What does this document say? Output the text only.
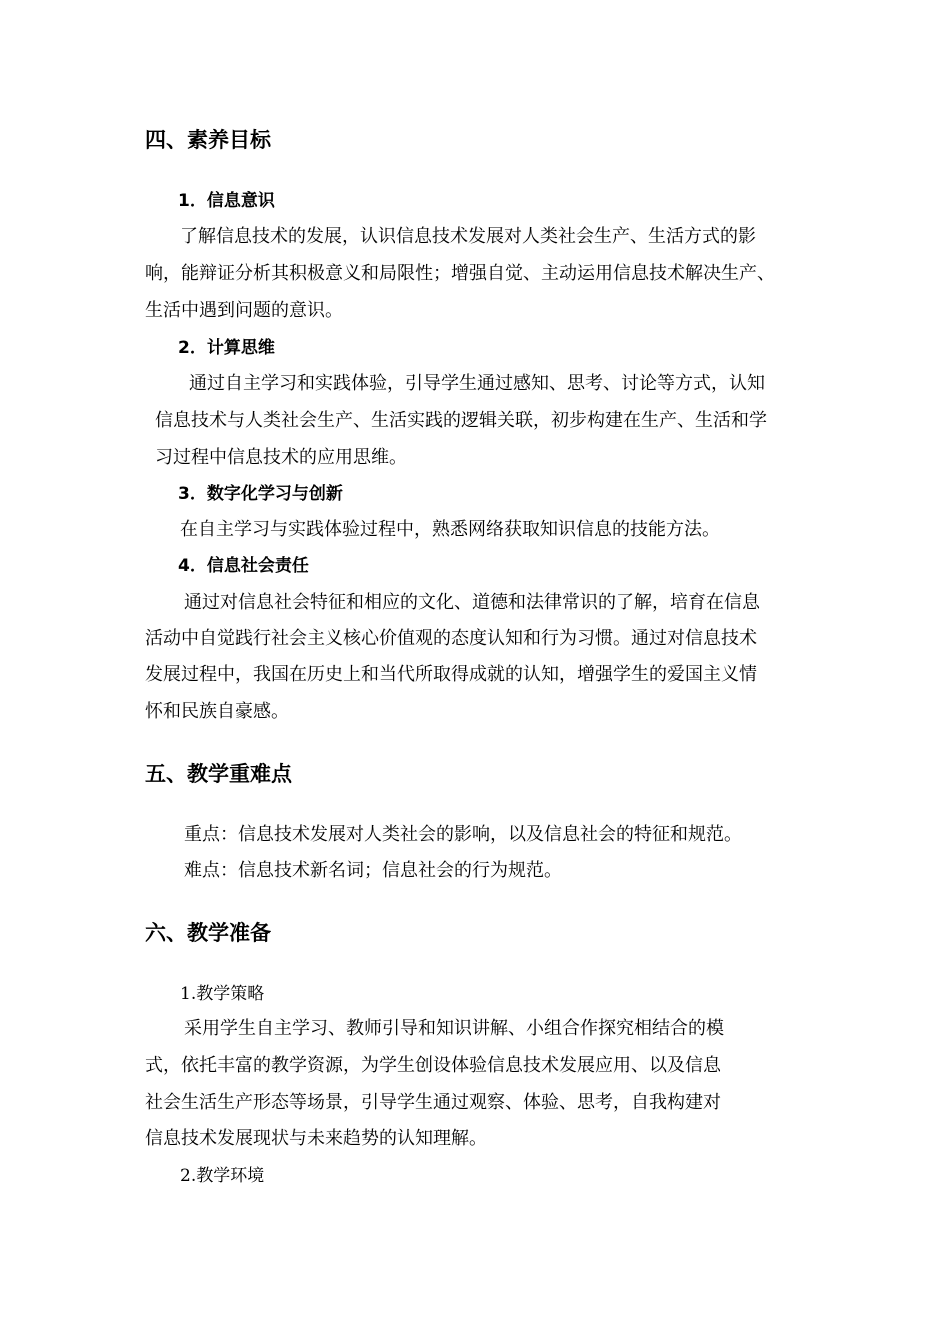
四、素养目标
1．信息意识
了解信息技术的发展，认识信息技术发展对人类社会生产、生活方式的影
响，能辩证分析其积极意义和局限性；增强自觉、主动运用信息技术解决生产、
生活中遇到问题的意识。
2．计算思维
通过自主学习和实践体验，引导学生通过感知、思考、讨论等方式，认知
信息技术与人类社会生产、生活实践的逻辑关联，初步构建在生产、生活和学
习过程中信息技术的应用思维。
3．数字化学习与创新
在自主学习与实践体验过程中，熟悉网络获取知识信息的技能方法。
4．信息社会责任
通过对信息社会特征和相应的文化、道德和法律常识的了解，培育在信息
活动中自觉践行社会主义核心价值观的态度认知和行为习惯。通过对信息技术
发展过程中，我国在历史上和当代所取得成就的认知，增强学生的爱国主义情
怀和民族自豪感。
五、教学重难点
重点：信息技术发展对人类社会的影响，以及信息社会的特征和规范。
难点：信息技术新名词；信息社会的行为规范。
六、教学准备
1.教学策略
采用学生自主学习、教师引导和知识讲解、小组合作探究相结合的模
式，依托丰富的教学资源，为学生创设体验信息技术发展应用、以及信息
社会生活生产形态等场景，引导学生通过观察、体验、思考，自我构建对
信息技术发展现状与未来趋势的认知理解。
2.教学环境
